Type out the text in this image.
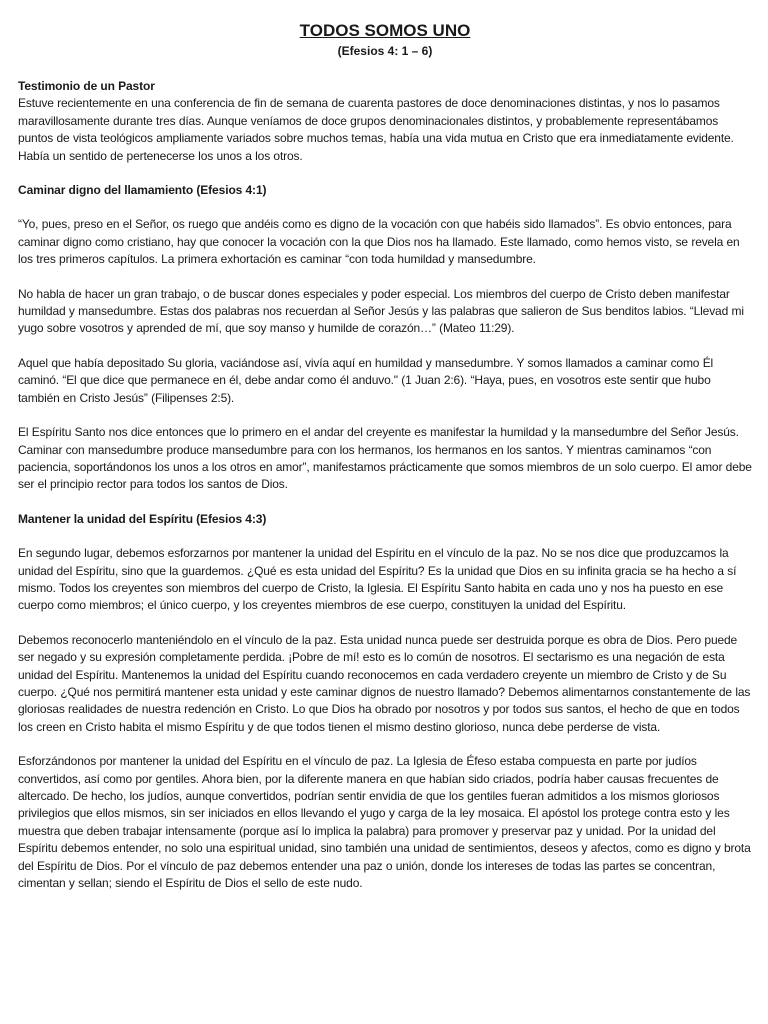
TODOS SOMOS UNO

(Efesios 4: 1 – 6)

Testimonio de un Pastor

Estuve recientemente en una conferencia de fin de semana de cuarenta pastores de doce denominaciones distintas, y nos lo pasamos maravillosamente durante tres días. Aunque veníamos de doce grupos denominacionales distintos, y probablemente representábamos puntos de vista teológicos ampliamente variados sobre muchos temas, había una vida mutua en Cristo que era inmediatamente evidente. Había un sentido de pertenecerse los unos a los otros.

Caminar digno del llamamiento (Efesios 4:1)

“Yo, pues, preso en el Señor, os ruego que andéis como es digno de la vocación con que habéis sido llamados”. Es obvio entonces, para caminar digno como cristiano, hay que conocer la vocación con la que Dios nos ha llamado. Este llamado, como hemos visto, se revela en los tres primeros capítulos. La primera exhortación es caminar “con toda humildad y mansedumbre.

No habla de hacer un gran trabajo, o de buscar dones especiales y poder especial. Los miembros del cuerpo de Cristo deben manifestar humildad y mansedumbre. Estas dos palabras nos recuerdan al Señor Jesús y las palabras que salieron de Sus benditos labios. “Llevad mi yugo sobre vosotros y aprended de mí, que soy manso y humilde de corazón…” (Mateo 11:29).

Aquel que había depositado Su gloria, vaciándose así, vivía aquí en humildad y mansedumbre. Y somos llamados a caminar como Él caminó. “El que dice que permanece en él, debe andar como él anduvo." (1 Juan 2:6). “Haya, pues, en vosotros este sentir que hubo también en Cristo Jesús” (Filipenses 2:5).

El Espíritu Santo nos dice entonces que lo primero en el andar del creyente es manifestar la humildad y la mansedumbre del Señor Jesús. Caminar con mansedumbre produce mansedumbre para con los hermanos, los hermanos en los santos. Y mientras caminamos “con paciencia, soportándonos los unos a los otros en amor”, manifestamos prácticamente que somos miembros de un solo cuerpo. El amor debe ser el principio rector para todos los santos de Dios.

Mantener la unidad del Espíritu (Efesios 4:3)

En segundo lugar, debemos esforzarnos por mantener la unidad del Espíritu en el vínculo de la paz. No se nos dice que produzcamos la unidad del Espíritu, sino que la guardemos. ¿Qué es esta unidad del Espíritu? Es la unidad que Dios en su infinita gracia se ha hecho a sí mismo. Todos los creyentes son miembros del cuerpo de Cristo, la Iglesia. El Espíritu Santo habita en cada uno y nos ha puesto en ese cuerpo como miembros; el único cuerpo, y los creyentes miembros de ese cuerpo, constituyen la unidad del Espíritu.

Debemos reconocerlo manteniéndolo en el vínculo de la paz. Esta unidad nunca puede ser destruida porque es obra de Dios. Pero puede ser negado y su expresión completamente perdida. ¡Pobre de mí! esto es lo común de nosotros. El sectarismo es una negación de esta unidad del Espíritu. Mantenemos la unidad del Espíritu cuando reconocemos en cada verdadero creyente un miembro de Cristo y de Su cuerpo. ¿Qué nos permitirá mantener esta unidad y este caminar dignos de nuestro llamado? Debemos alimentarnos constantemente de las gloriosas realidades de nuestra redención en Cristo. Lo que Dios ha obrado por nosotros y por todos sus santos, el hecho de que en todos los creen en Cristo habita el mismo Espíritu y de que todos tienen el mismo destino glorioso, nunca debe perderse de vista.

Esforzándonos por mantener la unidad del Espíritu en el vínculo de paz. La Iglesia de Éfeso estaba compuesta en parte por judíos convertidos, así como por gentiles. Ahora bien, por la diferente manera en que habían sido criados, podría haber causas frecuentes de altercado. De hecho, los judíos, aunque convertidos, podrían sentir envidia de que los gentiles fueran admitidos a los mismos gloriosos privilegios que ellos mismos, sin ser iniciados en ellos llevando el yugo y carga de la ley mosaica. El apóstol los protege contra esto y les muestra que deben trabajar intensamente (porque así lo implica la palabra) para promover y preservar paz y unidad. Por la unidad del Espíritu debemos entender, no solo una espiritual unidad, sino también una unidad de sentimientos, deseos y afectos, como es digno y brota del Espíritu de Dios. Por el vínculo de paz debemos entender una paz o unión, donde los intereses de todas las partes se concentran, cimentan y sellan; siendo el Espíritu de Dios el sello de este nudo.
